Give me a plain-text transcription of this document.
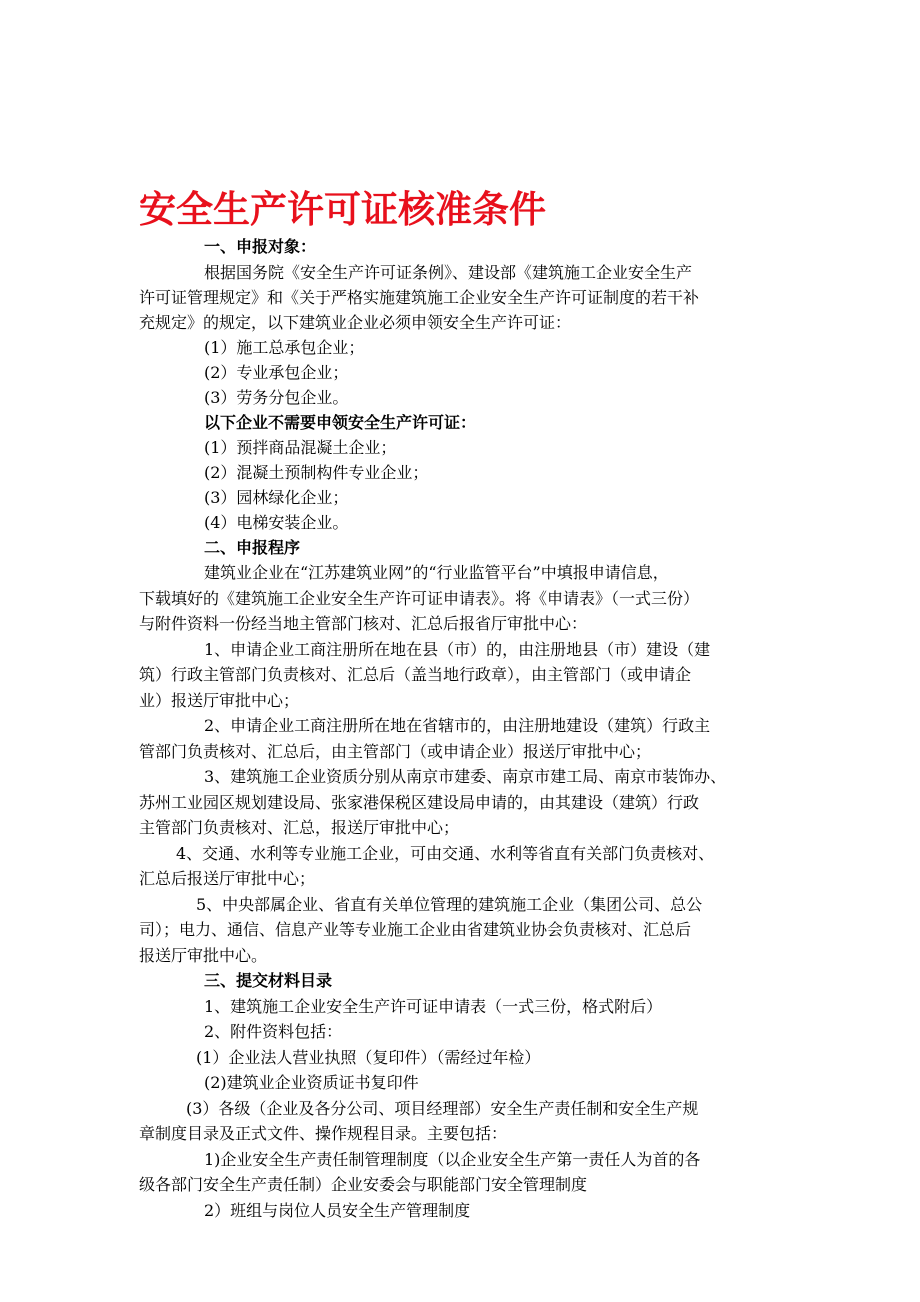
安全生产许可证核准条件
一、申报对象：
根据国务院《安全生产许可证条例》、建设部《建筑施工企业安全生产
许可证管理规定》和《关于严格实施建筑施工企业安全生产许可证制度的若干补
充规定》的规定，以下建筑业企业必须申领安全生产许可证：
(1）施工总承包企业；
(2）专业承包企业；
(3）劳务分包企业。
以下企业不需要申领安全生产许可证：
(1）预拌商品混凝土企业；
(2）混凝土预制构件专业企业；
(3）园林绿化企业；
(4）电梯安装企业。
二、申报程序
建筑业企业在“江苏建筑业网”的“行业监管平台”中填报申请信息，
下载填好的《建筑施工企业安全生产许可证申请表》。将《申请表》（一式三份）
与附件资料一份经当地主管部门核对、汇总后报省厅审批中心：
1、申请企业工商注册所在地在县（市）的，由注册地县（市）建设（建
筑）行政主管部门负责核对、汇总后（盖当地行政章），由主管部门（或申请企
业）报送厅审批中心；
2、申请企业工商注册所在地在省辖市的，由注册地建设（建筑）行政主
管部门负责核对、汇总后，由主管部门（或申请企业）报送厅审批中心；
3、建筑施工企业资质分别从南京市建委、南京市建工局、南京市装饰办、
苏州工业园区规划建设局、张家港保税区建设局申请的，由其建设（建筑）行政
主管部门负责核对、汇总，报送厅审批中心；
4、交通、水利等专业施工企业，可由交通、水利等省直有关部门负责核对、
汇总后报送厅审批中心；
5、中央部属企业、省直有关单位管理的建筑施工企业（集团公司、总公
司）；电力、通信、信息产业等专业施工企业由省建筑业协会负责核对、汇总后
报送厅审批中心。
三、提交材料目录
1、建筑施工企业安全生产许可证申请表（一式三份，格式附后）
2、附件资料包括：
(1）企业法人营业执照（复印件）（需经过年检）
(2)建筑业企业资质证书复印件
(3）各级（企业及各分公司、项目经理部）安全生产责任制和安全生产规
章制度目录及正式文件、操作规程目录。主要包括：
1)企业安全生产责任制管理制度（以企业安全生产第一责任人为首的各
级各部门安全生产责任制）企业安委会与职能部门安全管理制度
2）班组与岗位人员安全生产管理制度
